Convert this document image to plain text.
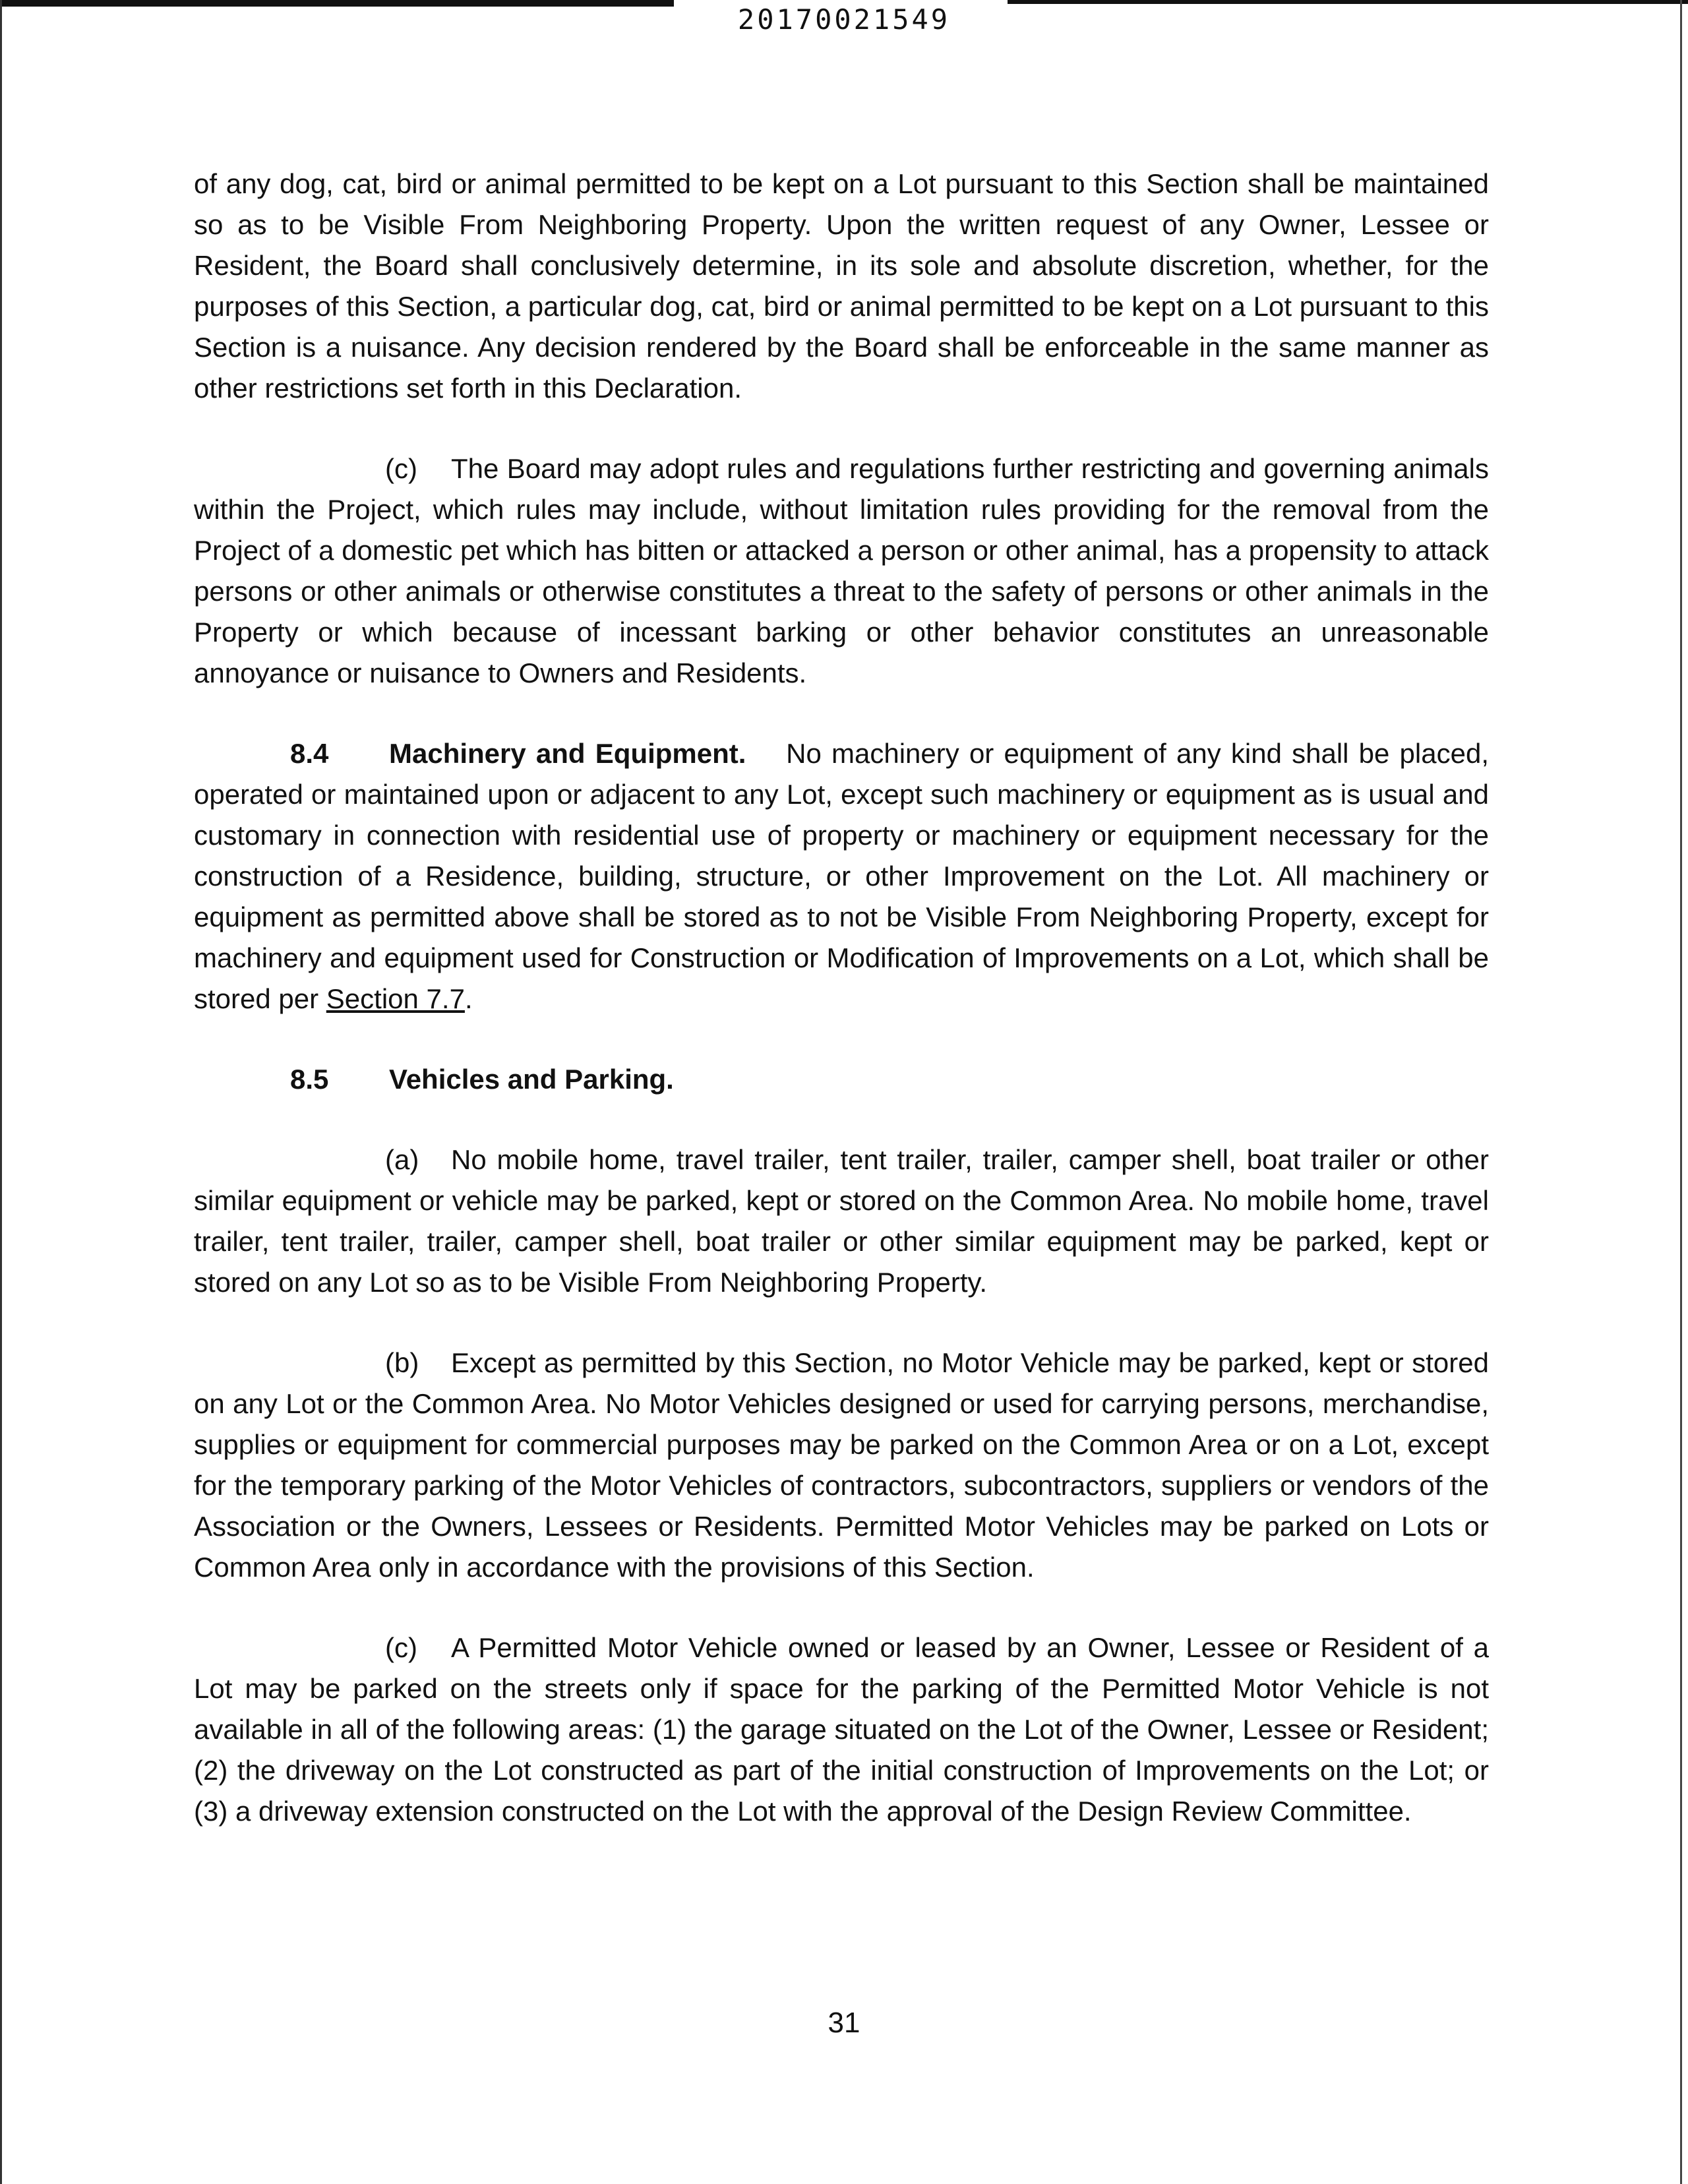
20170021549

of any dog, cat, bird or animal permitted to be kept on a Lot pursuant to this Section shall be maintained so as to be Visible From Neighboring Property. Upon the written request of any Owner, Lessee or Resident, the Board shall conclusively determine, in its sole and absolute discretion, whether, for the purposes of this Section, a particular dog, cat, bird or animal permitted to be kept on a Lot pursuant to this Section is a nuisance. Any decision rendered by the Board shall be enforceable in the same manner as other restrictions set forth in this Declaration.

(c) The Board may adopt rules and regulations further restricting and governing animals within the Project, which rules may include, without limitation rules providing for the removal from the Project of a domestic pet which has bitten or attacked a person or other animal, has a propensity to attack persons or other animals or otherwise constitutes a threat to the safety of persons or other animals in the Property or which because of incessant barking or other behavior constitutes an unreasonable annoyance or nuisance to Owners and Residents.

8.4 Machinery and Equipment. No machinery or equipment of any kind shall be placed, operated or maintained upon or adjacent to any Lot, except such machinery or equipment as is usual and customary in connection with residential use of property or machinery or equipment necessary for the construction of a Residence, building, structure, or other Improvement on the Lot. All machinery or equipment as permitted above shall be stored as to not be Visible From Neighboring Property, except for machinery and equipment used for Construction or Modification of Improvements on a Lot, which shall be stored per Section 7.7.

8.5 Vehicles and Parking.

(a) No mobile home, travel trailer, tent trailer, trailer, camper shell, boat trailer or other similar equipment or vehicle may be parked, kept or stored on the Common Area. No mobile home, travel trailer, tent trailer, trailer, camper shell, boat trailer or other similar equipment may be parked, kept or stored on any Lot so as to be Visible From Neighboring Property.

(b) Except as permitted by this Section, no Motor Vehicle may be parked, kept or stored on any Lot or the Common Area. No Motor Vehicles designed or used for carrying persons, merchandise, supplies or equipment for commercial purposes may be parked on the Common Area or on a Lot, except for the temporary parking of the Motor Vehicles of contractors, subcontractors, suppliers or vendors of the Association or the Owners, Lessees or Residents. Permitted Motor Vehicles may be parked on Lots or Common Area only in accordance with the provisions of this Section.

(c) A Permitted Motor Vehicle owned or leased by an Owner, Lessee or Resident of a Lot may be parked on the streets only if space for the parking of the Permitted Motor Vehicle is not available in all of the following areas: (1) the garage situated on the Lot of the Owner, Lessee or Resident; (2) the driveway on the Lot constructed as part of the initial construction of Improvements on the Lot; or (3) a driveway extension constructed on the Lot with the approval of the Design Review Committee.

31
